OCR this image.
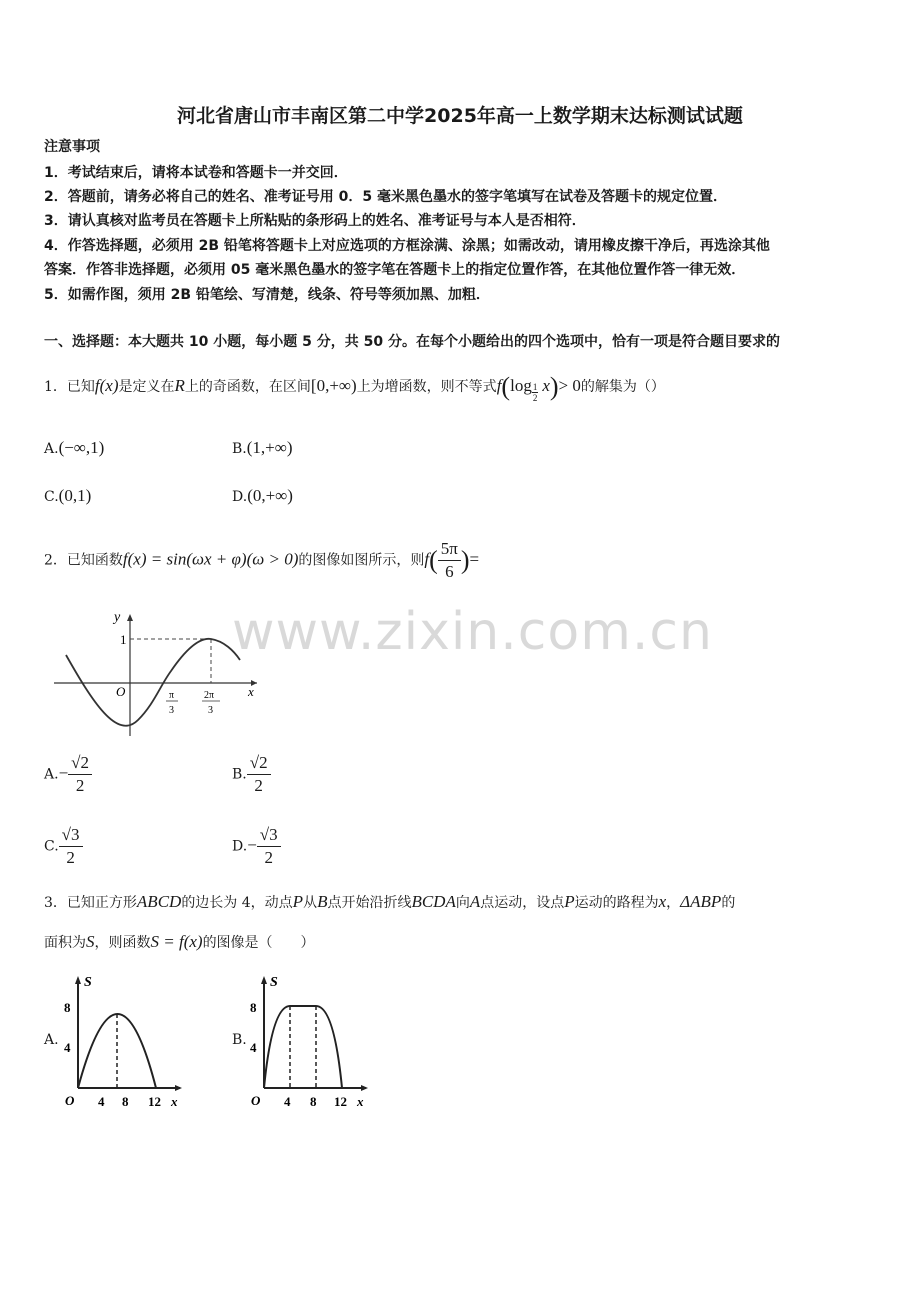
河北省唐山市丰南区第二中学2025年高一上数学期末达标测试试题
注意事项
1．考试结束后，请将本试卷和答题卡一并交回．
2．答题前，请务必将自己的姓名、准考证号用 0．5 毫米黑色墨水的签字笔填写在试卷及答题卡的规定位置．
3．请认真核对监考员在答题卡上所粘贴的条形码上的姓名、准考证号与本人是否相符．
4．作答选择题，必须用 2B 铅笔将答题卡上对应选项的方框涂满、涂黑；如需改动，请用橡皮擦干净后，再选涂其他
答案．作答非选择题，必须用 05 毫米黑色墨水的签字笔在答题卡上的指定位置作答，在其他位置作答一律无效．
5．如需作图，须用 2B 铅笔绘、写清楚，线条、符号等须加黑、加粗．
一、选择题：本大题共 10 小题，每小题 5 分，共 50 分。在每个小题给出的四个选项中，恰有一项是符合题目要求的
1．已知f(x)是定义在R上的奇函数，在区间[0,+∞)上为增函数，则不等式$f(\log \frac{1}{2} x)> 0$的解集为（）
A.(−∞,1)	B.(1,+∞)
C.(0,1)	D.(0,+∞)
2．已知函数f(x) = sin(ωx + φ)(ω > 0)的图像如图所示，则$f( \frac{5\pi}{6}$ )=
www.zixin.com.cn
y
1
O	x
π
3
2π
3
$A.- \frac{√2}{2}$	B. $\frac{√2}{2}$
C. $\frac{√3}{2}$	$D.- \frac{√3}{2}$
3．已知正方形ABCD的边长为 4，动点P从B点开始沿折线BCDA向A点运动，设点P运动的路程为x，ΔABP的
面积为S，则函数S = f(x)的图像是（　　）
A.
S
8
4
O 4 8 12 x
B.
S
8
4
O 4 8 12 x
